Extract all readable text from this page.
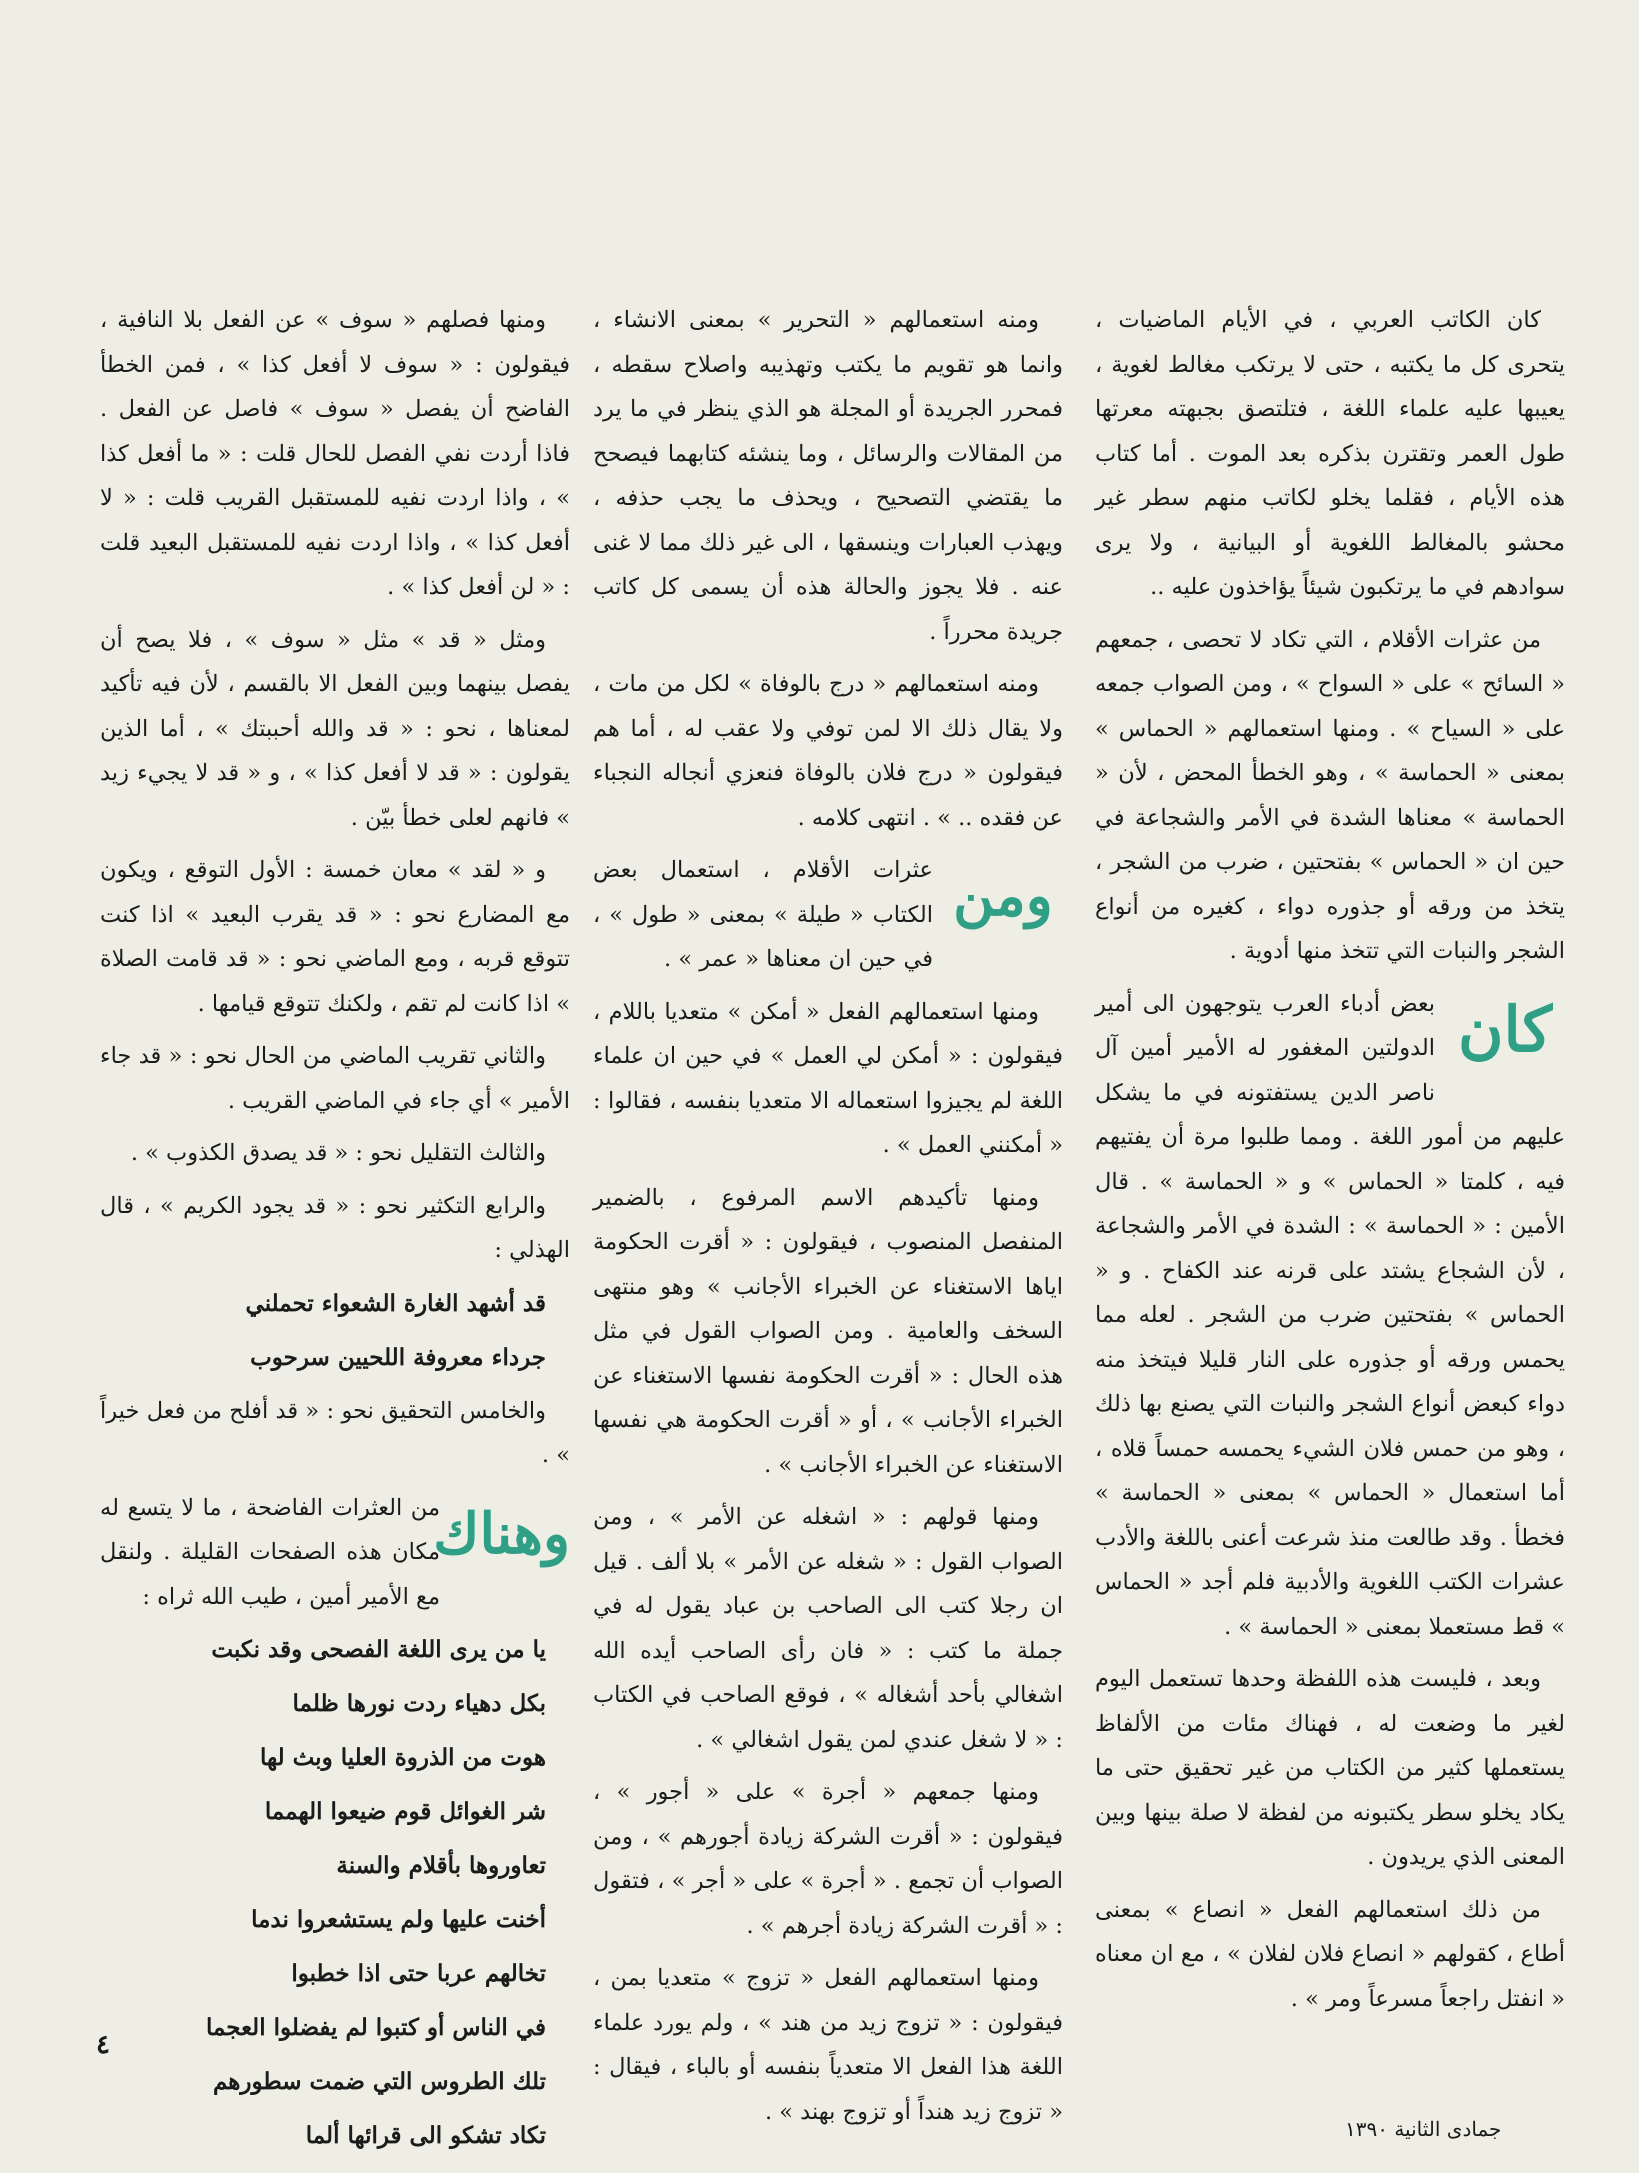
كان الكاتب العربي ، في الأيام الماضيات ، يتحرى كل ما يكتبه ، حتى لا يرتكب مغالط لغوية ، يعيبها عليه علماء اللغة ، فتلتصق بجبهته معرتها طول العمر وتقترن بذكره بعد الموت . أما كتاب هذه الأيام ، فقلما يخلو لكاتب منهم سطر غير محشو بالمغالط اللغوية أو البيانية ، ولا يرى سوادهم في ما يرتكبون شيئاً يؤاخذون عليه ..

من عثرات الأقلام ، التي تكاد لا تحصى ، جمعهم « السائح » على « السواح » ، ومن الصواب جمعه على « السياح » . ومنها استعمالهم « الحماس » بمعنى « الحماسة » ، وهو الخطأ المحض ، لأن « الحماسة » معناها الشدة في الأمر والشجاعة في حين ان « الحماس » بفتحتين ، ضرب من الشجر ، يتخذ من ورقه أو جذوره دواء ، كغيره من أنواع الشجر والنبات التي تتخذ منها أدوية .

كان

بعض أدباء العرب يتوجهون الى أمير الدولتين المغفور له الأمير أمين آل ناصر الدين يستفتونه في ما يشكل عليهم من أمور اللغة . ومما طلبوا مرة أن يفتيهم فيه ، كلمتا « الحماس » و « الحماسة » . قال الأمين : « الحماسة » : الشدة في الأمر والشجاعة ، لأن الشجاع يشتد على قرنه عند الكفاح . و « الحماس » بفتحتين ضرب من الشجر . لعله مما يحمس ورقه أو جذوره على النار قليلا فيتخذ منه دواء كبعض أنواع الشجر والنبات التي يصنع بها ذلك ، وهو من حمس فلان الشيء يحمسه حمساً قلاه ، أما استعمال « الحماس » بمعنى « الحماسة » فخطأ . وقد طالعت منذ شرعت أعنى باللغة والأدب عشرات الكتب اللغوية والأدبية فلم أجد « الحماس » قط مستعملا بمعنى « الحماسة » .

وبعد ، فليست هذه اللفظة وحدها تستعمل اليوم لغير ما وضعت له ، فهناك مئات من الألفاظ يستعملها كثير من الكتاب من غير تحقيق حتى ما يكاد يخلو سطر يكتبونه من لفظة لا صلة بينها وبين المعنى الذي يريدون .

من ذلك استعمالهم الفعل « انصاع » بمعنى أطاع ، كقولهم « انصاع فلان لفلان » ، مع ان معناه « انفتل راجعاً مسرعاً ومر » .

ومنه استعمالهم « التحرير » بمعنى الانشاء ، وانما هو تقويم ما يكتب وتهذيبه واصلاح سقطه ، فمحرر الجريدة أو المجلة هو الذي ينظر في ما يرد من المقالات والرسائل ، وما ينشئه كتابهما فيصحح ما يقتضي التصحيح ، ويحذف ما يجب حذفه ، ويهذب العبارات وينسقها ، الى غير ذلك مما لا غنى عنه . فلا يجوز والحالة هذه أن يسمى كل كاتب جريدة محرراً .

ومنه استعمالهم « درج بالوفاة » لكل من مات ، ولا يقال ذلك الا لمن توفي ولا عقب له ، أما هم فيقولون « درج فلان بالوفاة فنعزي أنجاله النجباء عن فقده .. » . انتهى كلامه .

ومن

عثرات الأقلام ، استعمال بعض الكتاب « طيلة » بمعنى « طول » ، في حين ان معناها « عمر » .

ومنها استعمالهم الفعل « أمكن » متعديا باللام ، فيقولون : « أمكن لي العمل » في حين ان علماء اللغة لم يجيزوا استعماله الا متعديا بنفسه ، فقالوا : « أمكنني العمل » .

ومنها تأكيدهم الاسم المرفوع ، بالضمير المنفصل المنصوب ، فيقولون : « أقرت الحكومة اياها الاستغناء عن الخبراء الأجانب » وهو منتهى السخف والعامية . ومن الصواب القول في مثل هذه الحال : « أقرت الحكومة نفسها الاستغناء عن الخبراء الأجانب » ، أو « أقرت الحكومة هي نفسها الاستغناء عن الخبراء الأجانب » .

ومنها قولهم : « اشغله عن الأمر » ، ومن الصواب القول : « شغله عن الأمر » بلا ألف . قيل ان رجلا كتب الى الصاحب بن عباد يقول له في جملة ما كتب : « فان رأى الصاحب أيده الله اشغالي بأحد أشغاله » ، فوقع الصاحب في الكتاب : « لا شغل عندي لمن يقول اشغالي » .

ومنها جمعهم « أجرة » على « أجور » ، فيقولون : « أقرت الشركة زيادة أجورهم » ، ومن الصواب أن تجمع . « أجرة » على « أجر » ، فتقول : « أقرت الشركة زيادة أجرهم » .

ومنها استعمالهم الفعل « تزوج » متعديا بمن ، فيقولون : « تزوج زيد من هند » ، ولم يورد علماء اللغة هذا الفعل الا متعدياً بنفسه أو بالباء ، فيقال : « تزوج زيد هنداً أو تزوج بهند » .

ومنها فصلهم « سوف » عن الفعل بلا النافية ، فيقولون : « سوف لا أفعل كذا » ، فمن الخطأ الفاضح أن يفصل « سوف » فاصل عن الفعل . فاذا أردت نفي الفصل للحال قلت : « ما أفعل كذا » ، واذا اردت نفيه للمستقبل القريب قلت : « لا أفعل كذا » ، واذا اردت نفيه للمستقبل البعيد قلت : « لن أفعل كذا » .

ومثل « قد » مثل « سوف » ، فلا يصح أن يفصل بينهما وبين الفعل الا بالقسم ، لأن فيه تأكيد لمعناها ، نحو : « قد والله أحببتك » ، أما الذين يقولون : « قد لا أفعل كذا » ، و « قد لا يجيء زيد » فانهم لعلى خطأ بيّن .

و « لقد » معان خمسة : الأول التوقع ، ويكون مع المضارع نحو : « قد يقرب البعيد » اذا كنت تتوقع قربه ، ومع الماضي نحو : « قد قامت الصلاة » اذا كانت لم تقم ، ولكنك تتوقع قيامها .

والثاني تقريب الماضي من الحال نحو : « قد جاء الأمير » أي جاء في الماضي القريب .

والثالث التقليل نحو : « قد يصدق الكذوب » .

والرابع التكثير نحو : « قد يجود الكريم » ، قال الهذلي :

قد أشهد الغارة الشعواء تحملني

جرداء معروفة اللحيين سرحوب

والخامس التحقيق نحو : « قد أفلح من فعل خيراً » .

وهناك

من العثرات الفاضحة ، ما لا يتسع له مكان هذه الصفحات القليلة . ولنقل مع الأمير أمين ، طيب الله ثراه :

يا من يرى اللغة الفصحى وقد نكبت

بكل دهياء ردت نورها ظلما

هوت من الذروة العليا وبث لها

شر الغوائل قوم ضيعوا الهمما

تعاوروها بأقلام والسنة

أخنت عليها ولم يستشعروا ندما

تخالهم عربا حتى اذا خطبوا

في الناس أو كتبوا لم يفضلوا العجما

تلك الطروس التي ضمت سطورهم

تكاد تشكو الى قرائها ألما

٤
جمادى الثانية ١٣٩٠
